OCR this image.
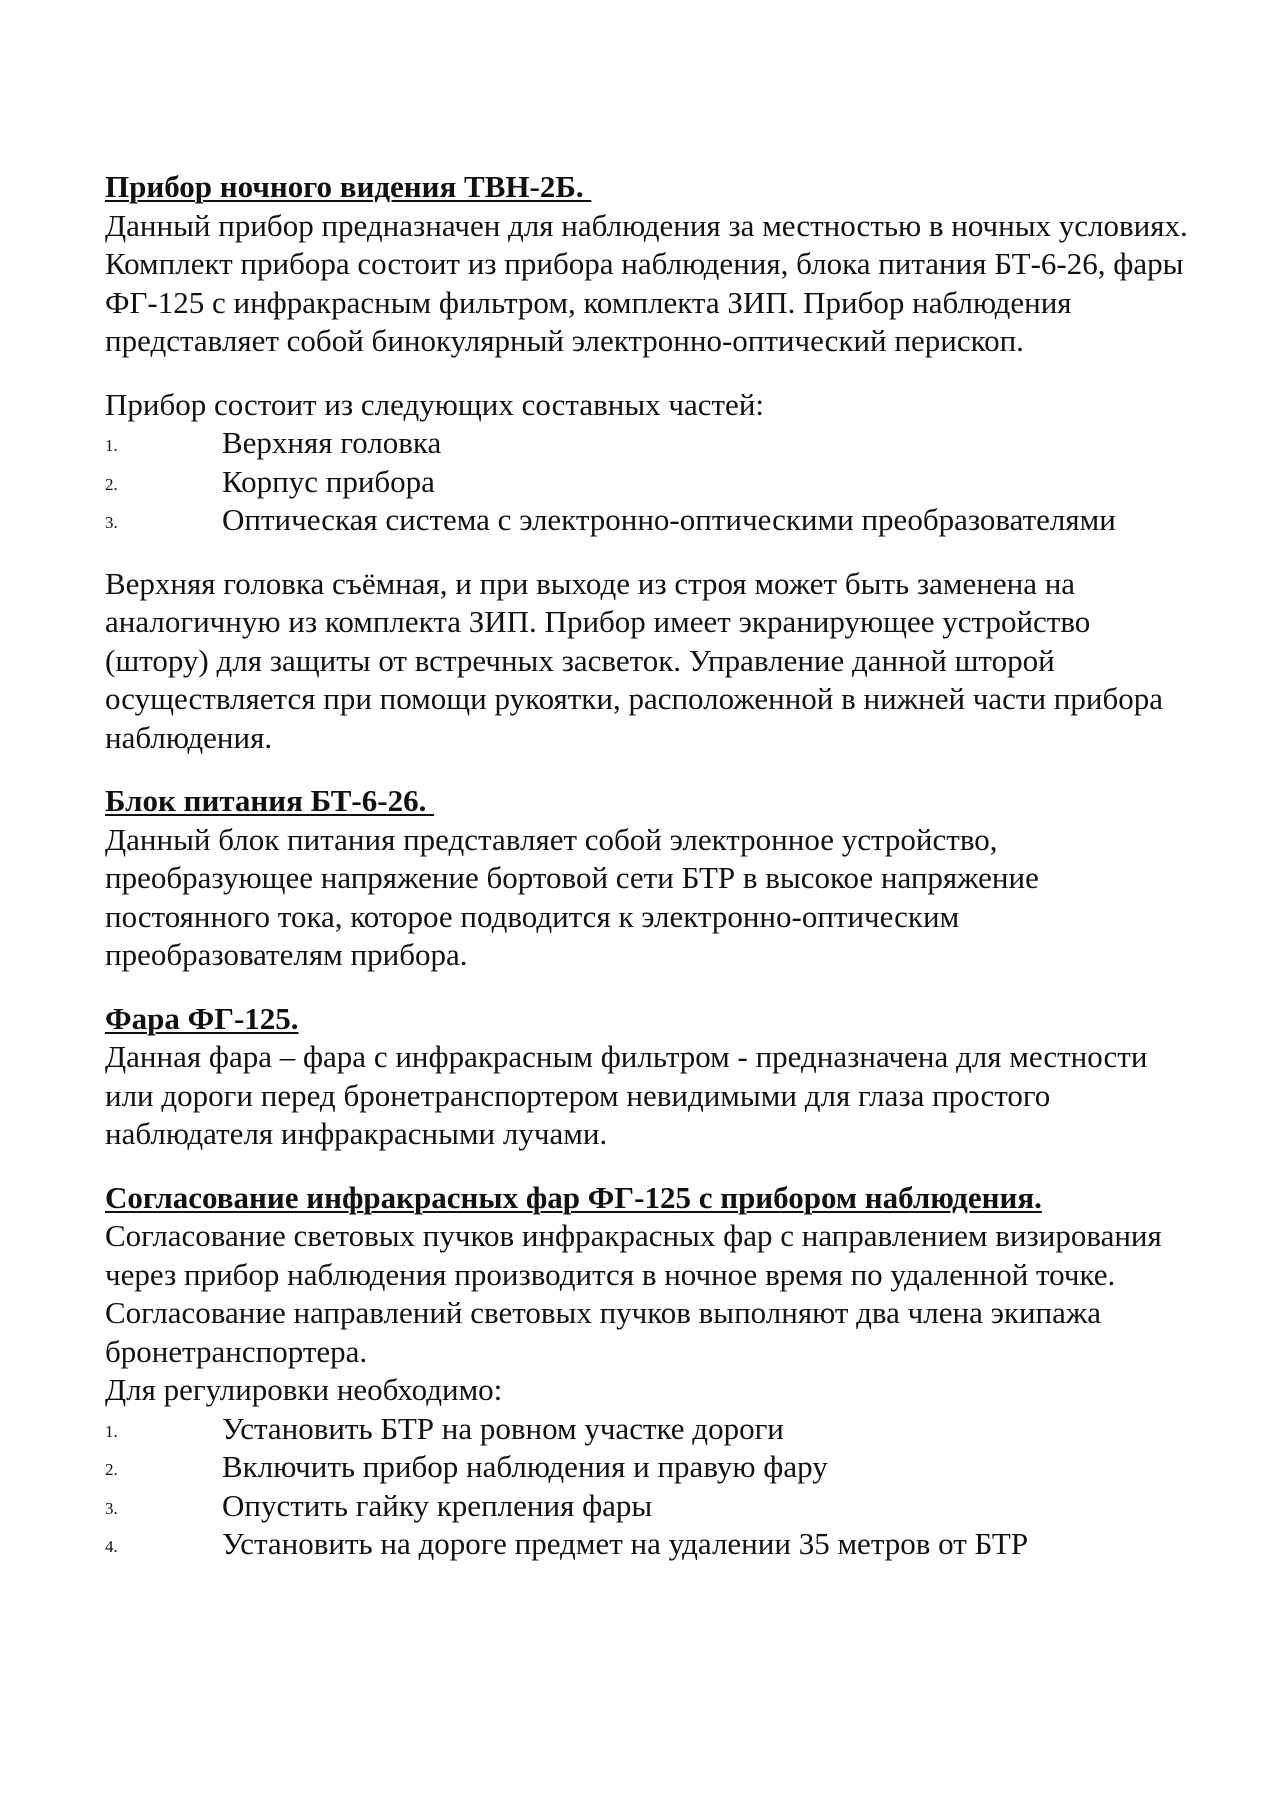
Прибор ночного видения ТВН-2Б.

Данный прибор предназначен для наблюдения за местностью в ночных условиях. Комплект прибора состоит из прибора наблюдения, блока питания БТ-6-26, фары ФГ-125 с инфракрасным фильтром, комплекта ЗИП. Прибор наблюдения представляет собой бинокулярный электронно-оптический перископ.

Прибор состоит из следующих составных частей:
1.	Верхняя головка
2.	Корпус прибора
3.	Оптическая система с электронно-оптическими преобразователями

Верхняя головка съёмная, и при выходе из строя может быть заменена на аналогичную из комплекта ЗИП. Прибор имеет экранирующее устройство (штору) для защиты от встречных засветок. Управление данной шторой осуществляется при помощи рукоятки, расположенной в нижней части прибора наблюдения.

Блок питания БТ-6-26.

Данный блок питания представляет собой электронное устройство, преобразующее напряжение бортовой сети БТР в высокое напряжение постоянного тока, которое подводится к электронно-оптическим преобразователям прибора.

Фара ФГ-125.

Данная фара – фара с инфракрасным фильтром - предназначена для местности или дороги перед бронетранспортером невидимыми для глаза простого наблюдателя инфракрасными лучами.

Согласование инфракрасных фар ФГ-125 с прибором наблюдения.

Согласование световых пучков инфракрасных фар с направлением визирования через прибор наблюдения производится в ночное время по удаленной точке. Согласование направлений световых пучков выполняют два члена экипажа бронетранспортера.

Для регулировки необходимо:
1.	Установить БТР на ровном участке дороги
2.	Включить прибор наблюдения и правую фару
3.	Опустить гайку крепления фары
4.	Установить на дороге предмет на удалении 35 метров от БТР
